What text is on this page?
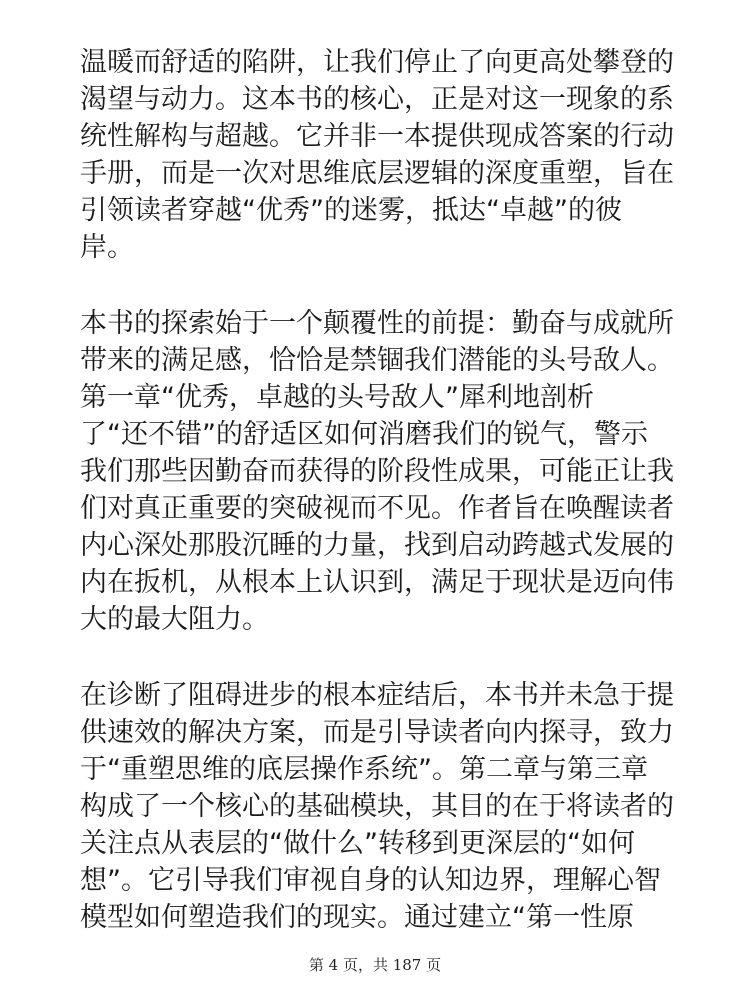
温暖而舒适的陷阱，让我们停止了向更高处攀登的
渴望与动力。这本书的核心，正是对这一现象的系
统性解构与超越。它并非一本提供现成答案的行动
手册，而是一次对思维底层逻辑的深度重塑，旨在
引领读者穿越“优秀”的迷雾，抵达“卓越”的彼
岸。
本书的探索始于一个颠覆性的前提：勤奋与成就所
带来的满足感，恰恰是禁锢我们潜能的头号敌人。
第一章“优秀，卓越的头号敌人”犀利地剖析
了“还不错”的舒适区如何消磨我们的锐气，警示
我们那些因勤奋而获得的阶段性成果，可能正让我
们对真正重要的突破视而不见。作者旨在唤醒读者
内心深处那股沉睡的力量，找到启动跨越式发展的
内在扳机，从根本上认识到，满足于现状是迈向伟
大的最大阻力。
在诊断了阻碍进步的根本症结后，本书并未急于提
供速效的解决方案，而是引导读者向内探寻，致力
于“重塑思维的底层操作系统”。第二章与第三章
构成了一个核心的基础模块，其目的在于将读者的
关注点从表层的“做什么”转移到更深层的“如何
想”。它引导我们审视自身的认知边界，理解心智
模型如何塑造我们的现实。通过建立“第一性原
第 4 页，共 187 页
